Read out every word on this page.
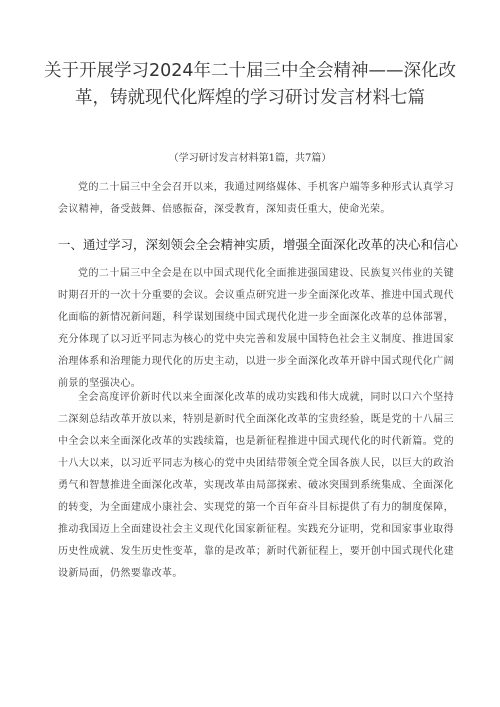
关于开展学习2024年二十届三中全会精神——深化改革，铸就现代化辉煌的学习研讨发言材料七篇
（学习研讨发言材料第1篇，共7篇）

党的二十届三中全会召开以来，我通过网络媒体、手机客户端等多种形式认真学习会议精神，备受鼓舞、倍感振奋，深受教育，深知责任重大，使命光荣。

一、通过学习，深刻领会全会精神实质，增强全面深化改革的决心和信心

党的二十届三中全会是在以中国式现代化全面推进强国建设、民族复兴伟业的关键时期召开的一次十分重要的会议。会议重点研究进一步全面深化改革、推进中国式现代化面临的新情况新问题，科学谋划围绕中国式现代化进一步全面深化改革的总体部署，充分体现了以习近平同志为核心的党中央完善和发展中国特色社会主义制度、推进国家治理体系和治理能力现代化的历史主动，以进一步全面深化改革开辟中国式现代化广阔前景的坚强决心。

全会高度评价新时代以来全面深化改革的成功实践和伟大成就，同时以口六个坚持二深刻总结改革开放以来，特别是新时代全面深化改革的宝贵经验，既是党的十八届三中全会以来全面深化改革的实践续篇，也是新征程推进中国式现代化的时代新篇。党的十八大以来，以习近平同志为核心的党中央团结带领全党全国各族人民，以巨大的政治勇气和智慧推进全面深化改革，实现改革由局部探索、破冰突围到系统集成、全面深化的转变，为全面建成小康社会、实现党的第一个百年奋斗目标提供了有力的制度保障，推动我国迈上全面建设社会主义现代化国家新征程。实践充分证明，党和国家事业取得历史性成就、发生历史性变革，靠的是改革；新时代新征程上，要开创中国式现代化建设新局面，仍然要靠改革。
